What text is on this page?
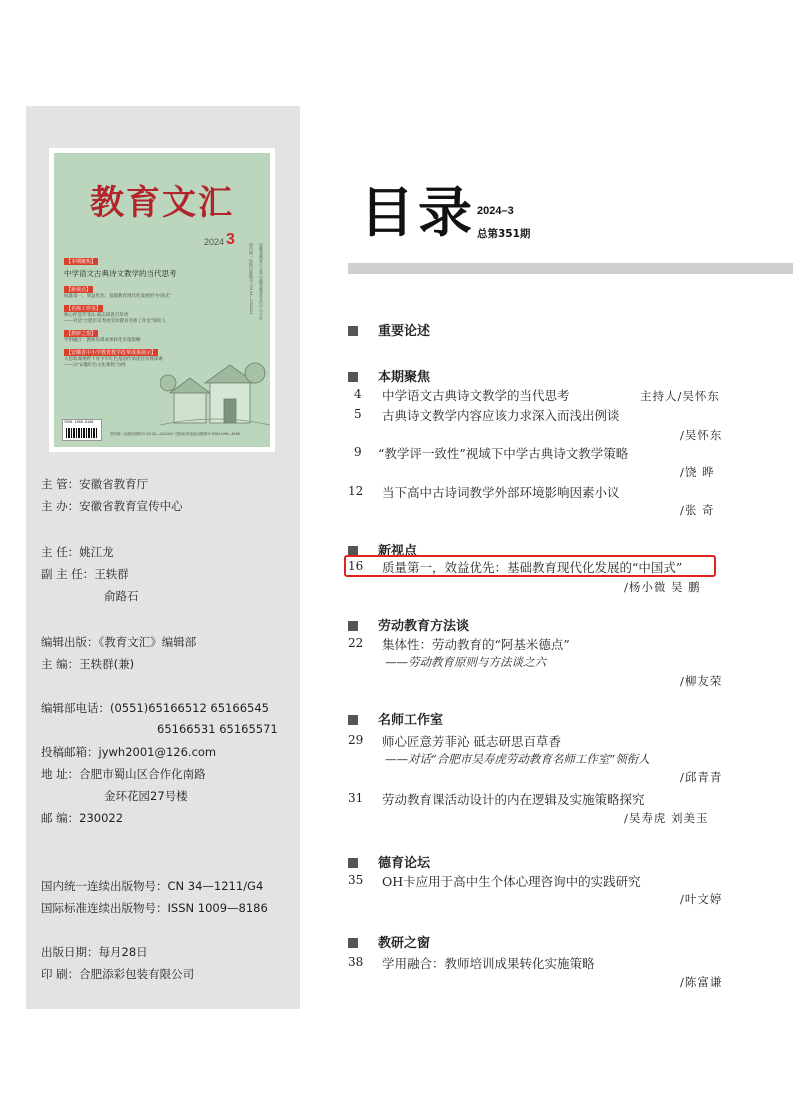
教育文汇
2024 3
【本期聚焦】
中学语文古典诗文教学的当代思考
【新视点】
质量第一，效益优先：基础教育现代化发展的“中国式”
【名师工作室】
师心匠意芳菲沁 砥志研思百草香
——对话“合肥市吴寿虎劳动教育名师工作室”领衔人
【教研之窗】
学用融合：教师培训成果转化实施策略
【安徽省中小学教育教学改革成果展示】
大思政课视野下青少年红色基因传承途径实践探索
——以“安徽红色文化课程”为例
安徽省教育厅主管 安徽省教育宣传中心主办
国内统一连续出版物号 CN 34—1211/G4
ISSN 1009-8186
国内统一连续出版物号 CN 34—1211/G4 / 国际标准连续出版物号 ISSN 1009—8186
主 管：安徽省教育厅
主 办：安徽省教育宣传中心
主 任：姚江龙
副 主 任：王轶群
俞路石
编辑出版：《教育文汇》编辑部
主 编：王轶群(兼)
编辑部电话：(0551)65166512 65166545
65166531 65165571
投稿邮箱：jywh2001@126.com
地 址：合肥市蜀山区合作化南路
金环花园27号楼
邮 编：230022
国内统一连续出版物号：CN 34—1211/G4
国际标准连续出版物号：ISSN 1009—8186
出版日期：每月28日
印 刷：合肥添彩包装有限公司
目录 2024–3
总第351期
重要论述
本期聚焦
4 中学语文古典诗文教学的当代思考	主持人/吴怀东
5 古典诗文教学内容应该力求深入而浅出例谈
/吴怀东
9 “教学评一致性”视域下中学古典诗文教学策略
/饶 晔
12 当下高中古诗词教学外部环境影响因素小议
/张 奇
新视点
16 质量第一，效益优先：基础教育现代化发展的“中国式”
/杨小微 吴 鹏
劳动教育方法谈
22 集体性：劳动教育的“阿基米德点”
——劳动教育原则与方法谈之六
/柳友荣
名师工作室
29 师心匠意芳菲沁 砥志研思百草香
——对话“合肥市吴寿虎劳动教育名师工作室”领衔人
/邱青青
31 劳动教育课活动设计的内在逻辑及实施策略探究
/吴寿虎 刘美玉
德育论坛
35 OH卡应用于高中生个体心理咨询中的实践研究
/叶文婷
教研之窗
38 学用融合：教师培训成果转化实施策略
/陈富谦
